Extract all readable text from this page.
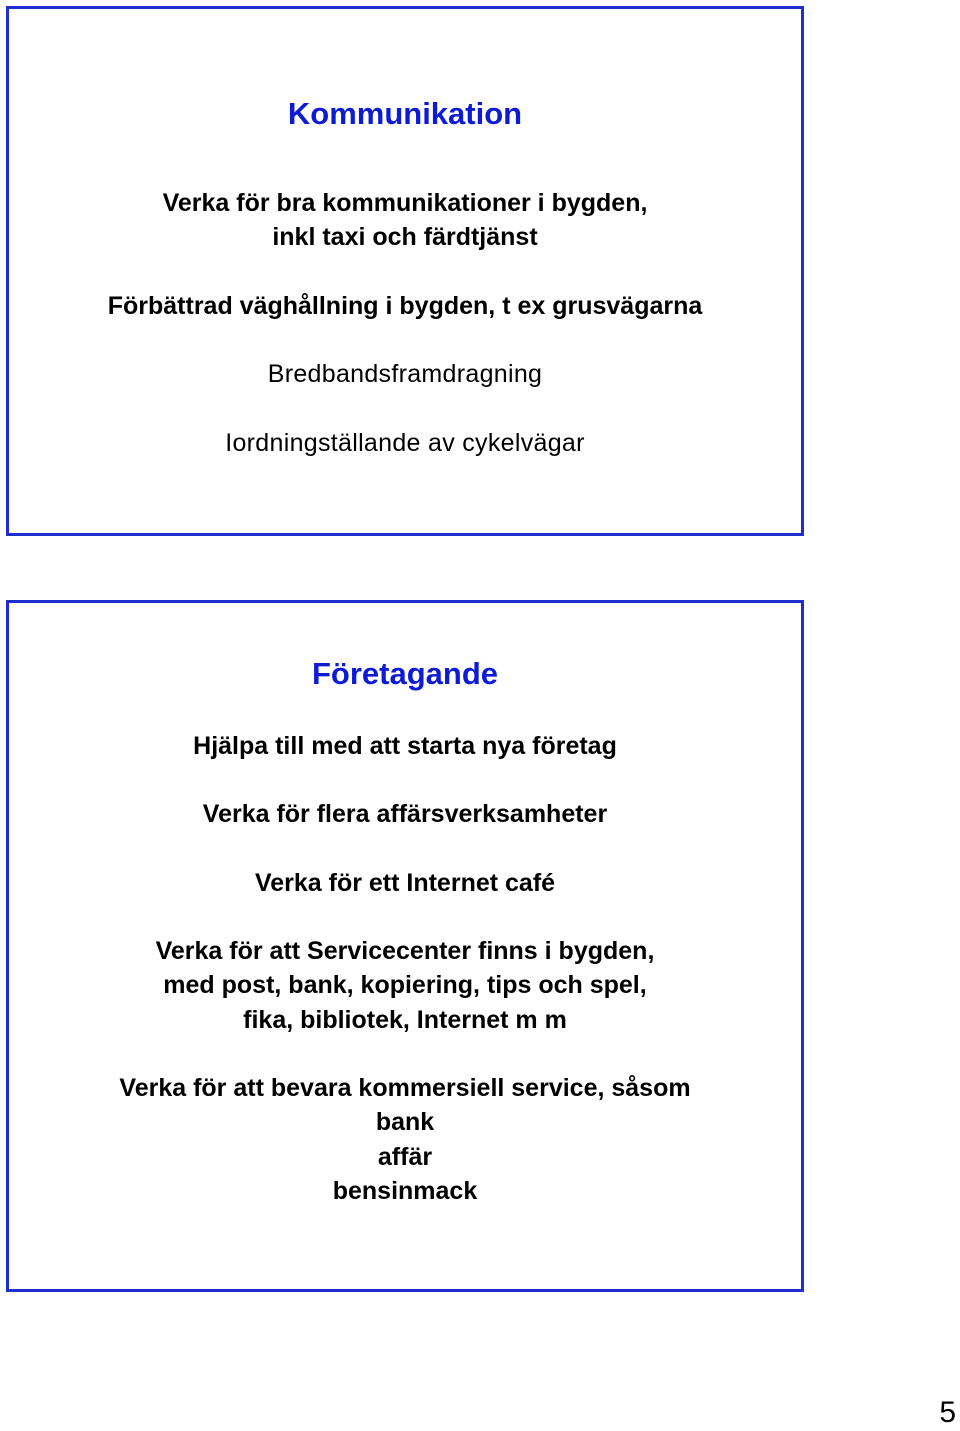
Kommunikation

Verka för bra kommunikationer i bygden,

inkl taxi och färdtjänst

Förbättrad väghållning i bygden, t ex grusvägarna

Bredbandsframdragning

Iordningställande av cykelvägar

Företagande

Hjälpa till med att starta nya företag

Verka för flera affärsverksamheter

Verka för ett Internet café

Verka för att Servicecenter finns i bygden,

med post, bank, kopiering, tips och spel,

fika, bibliotek, Internet m m

Verka för att bevara kommersiell service, såsom

bank

affär

bensinmack

5
